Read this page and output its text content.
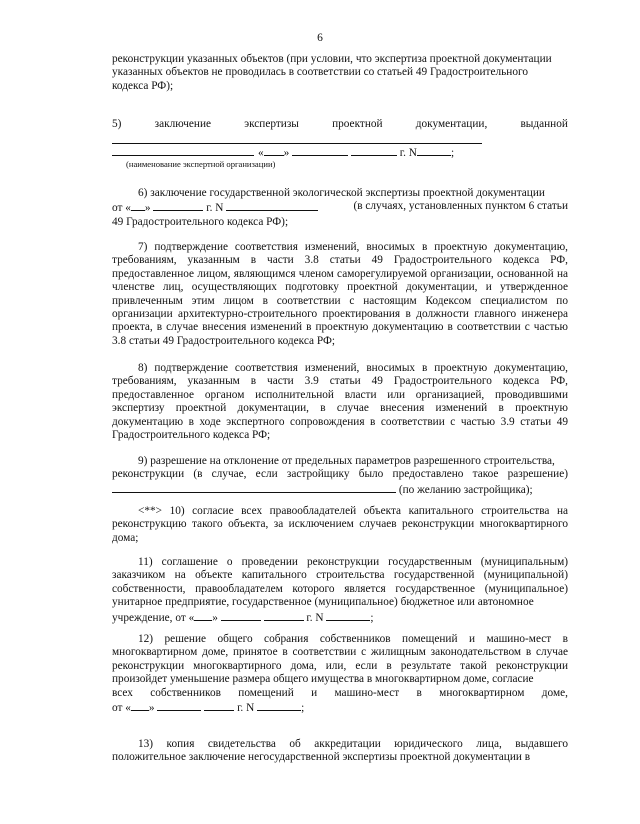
6

реконструкции указанных объектов (при условии, что экспертиза проектной документации

указанных объектов не проводилась в соответствии со статьей 49 Градостроительного

кодекса РФ);

5)	заключение	экспертизы	проектной	документации,	выданной
« »	г. N	;
(наименование экспертной организации)

6) заключение государственной экологической экспертизы проектной документации

от « »	г. N	(в случаях, установленных пунктом 6 статьи

49 Градостроительного кодекса РФ);

7) подтверждение соответствия изменений, вносимых в проектную документацию, требованиям, указанным в части 3.8 статьи 49 Градостроительного кодекса РФ, предоставленное лицом, являющимся членом саморегулируемой организации, основанной на членстве лиц, осуществляющих подготовку проектной документации, и утвержденное привлеченным этим лицом в соответствии с настоящим Кодексом специалистом по организации архитектурно-строительного проектирования в должности главного инженера проекта, в случае внесения изменений в проектную документацию в соответствии с частью 3.8 статьи 49 Градостроительного кодекса РФ;

8) подтверждение соответствия изменений, вносимых в проектную документацию, требованиям, указанным в части 3.9 статьи 49 Градостроительного кодекса РФ, предоставленное органом исполнительной власти или организацией, проводившими экспертизу проектной документации, в случае внесения изменений в проектную документацию в ходе экспертного сопровождения в соответствии с частью 3.9 статьи 49 Градостроительного кодекса РФ;

9) разрешение на отклонение от предельных параметров разрешенного строительства,

реконструкции (в случае, если застройщику было предоставлено такое разрешение)

(по желанию застройщика);

<**> 10) согласие всех правообладателей объекта капитального строительства на реконструкцию такого объекта, за исключением случаев реконструкции многоквартирного дома;

11) соглашение о проведении реконструкции государственным (муниципальным) заказчиком на объекте капитального строительства государственной (муниципальной) собственности, правообладателем которого является государственное (муниципальное) унитарное предприятие, государственное (муниципальное) бюджетное или автономное

учреждение, от « »	г. N	;

12) решение общего собрания собственников помещений и машино-мест в многоквартирном доме, принятое в соответствии с жилищным законодательством в случае реконструкции многоквартирного дома, или, если в результате такой реконструкции произойдет уменьшение размера общего имущества в многоквартирном доме, согласие

всех собственников помещений и машино-мест в многоквартирном доме,
от « »	г. N	;

13) копия свидетельства об аккредитации юридического лица, выдавшего положительное заключение негосударственной экспертизы проектной документации в
